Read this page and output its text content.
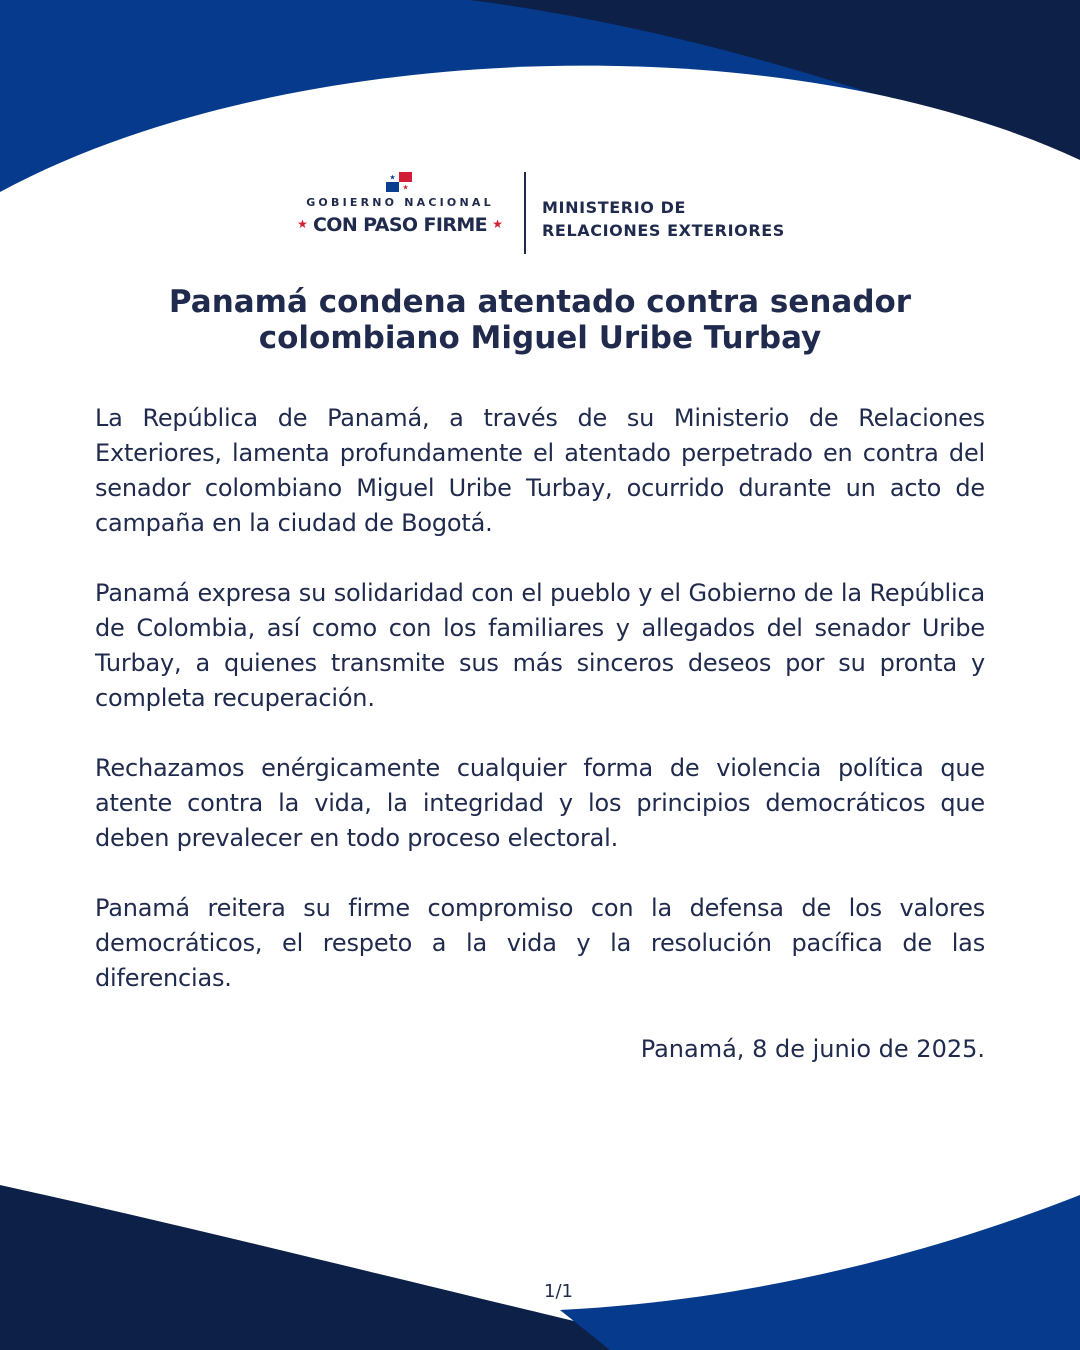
★
★
GOBIERNO NACIONAL
★ CON PASO FIRME ★
MINISTERIO DE
RELACIONES EXTERIORES
Panamá condena atentado contra senador
colombiano Miguel Uribe Turbay

La República de Panamá, a través de su Ministerio de Relaciones Exteriores, lamenta profundamente el atentado perpetrado en contra del senador colombiano Miguel Uribe Turbay, ocurrido durante un acto de campaña en la ciudad de Bogotá.

Panamá expresa su solidaridad con el pueblo y el Gobierno de la República de Colombia, así como con los familiares y allegados del senador Uribe Turbay, a quienes transmite sus más sinceros deseos por su pronta y completa recuperación.

Rechazamos enérgicamente cualquier forma de violencia política que atente contra la vida, la integridad y los principios democráticos que deben prevalecer en todo proceso electoral.

Panamá reitera su firme compromiso con la defensa de los valores democráticos, el respeto a la vida y la resolución pacífica de las diferencias.

Panamá, 8 de junio de 2025.
1/1
